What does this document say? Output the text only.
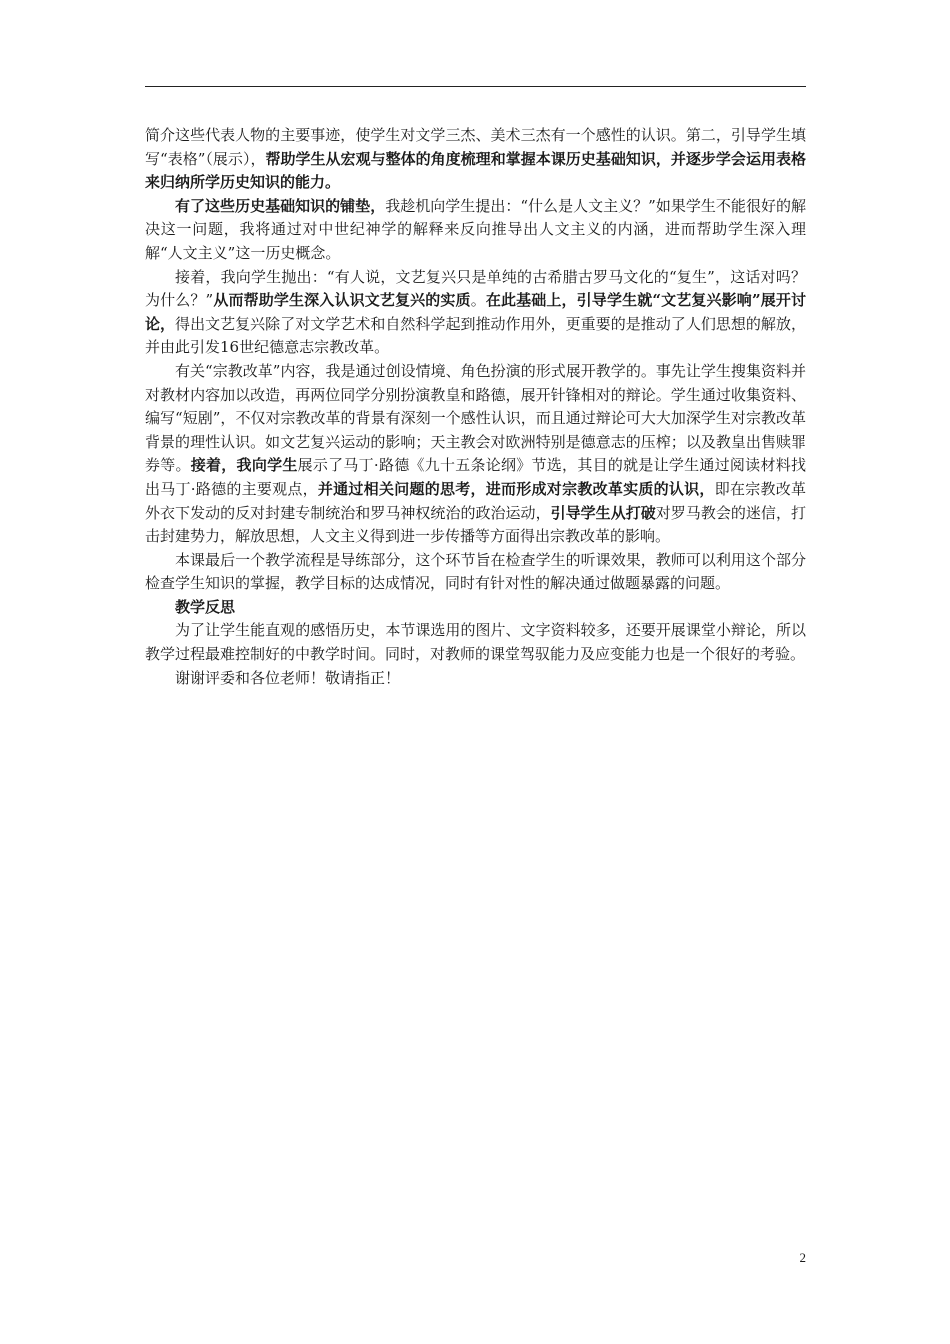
简介这些代表人物的主要事迹，使学生对文学三杰、美术三杰有一个感性的认识。第二，引导学生填写“表格”（展示），帮助学生从宏观与整体的角度梳理和掌握本课历史基础知识，并逐步学会运用表格来归纳所学历史知识的能力。

有了这些历史基础知识的铺垫，我趁机向学生提出：“什么是人文主义？”如果学生不能很好的解决这一问题，我将通过对中世纪神学的解释来反向推导出人文主义的内涵，进而帮助学生深入理解“人文主义”这一历史概念。

接着，我向学生抛出：“有人说，文艺复兴只是单纯的古希腊古罗马文化的“复生”，这话对吗？为什么？”从而帮助学生深入认识文艺复兴的实质。在此基础上，引导学生就“文艺复兴影响”展开讨论，得出文艺复兴除了对文学艺术和自然科学起到推动作用外，更重要的是推动了人们思想的解放，并由此引发16世纪德意志宗教改革。

有关“宗教改革”内容，我是通过创设情境、角色扮演的形式展开教学的。事先让学生搜集资料并对教材内容加以改造，再两位同学分别扮演教皇和路德，展开针锋相对的辩论。学生通过收集资料、编写“短剧”，不仅对宗教改革的背景有深刻一个感性认识，而且通过辩论可大大加深学生对宗教改革背景的理性认识。如文艺复兴运动的影响；天主教会对欧洲特别是德意志的压榨；以及教皇出售赎罪券等。接着，我向学生展示了马丁·路德《九十五条论纲》节选，其目的就是让学生通过阅读材料找出马丁·路德的主要观点，并通过相关问题的思考，进而形成对宗教改革实质的认识，即在宗教改革外衣下发动的反对封建专制统治和罗马神权统治的政治运动，引导学生从打破对罗马教会的迷信，打击封建势力，解放思想，人文主义得到进一步传播等方面得出宗教改革的影响。

本课最后一个教学流程是导练部分，这个环节旨在检查学生的听课效果，教师可以利用这个部分检查学生知识的掌握，教学目标的达成情况，同时有针对性的解决通过做题暴露的问题。

教学反思

为了让学生能直观的感悟历史，本节课选用的图片、文字资料较多，还要开展课堂小辩论，所以教学过程最难控制好的中教学时间。同时，对教师的课堂驾驭能力及应变能力也是一个很好的考验。

谢谢评委和各位老师！敬请指正！

2
